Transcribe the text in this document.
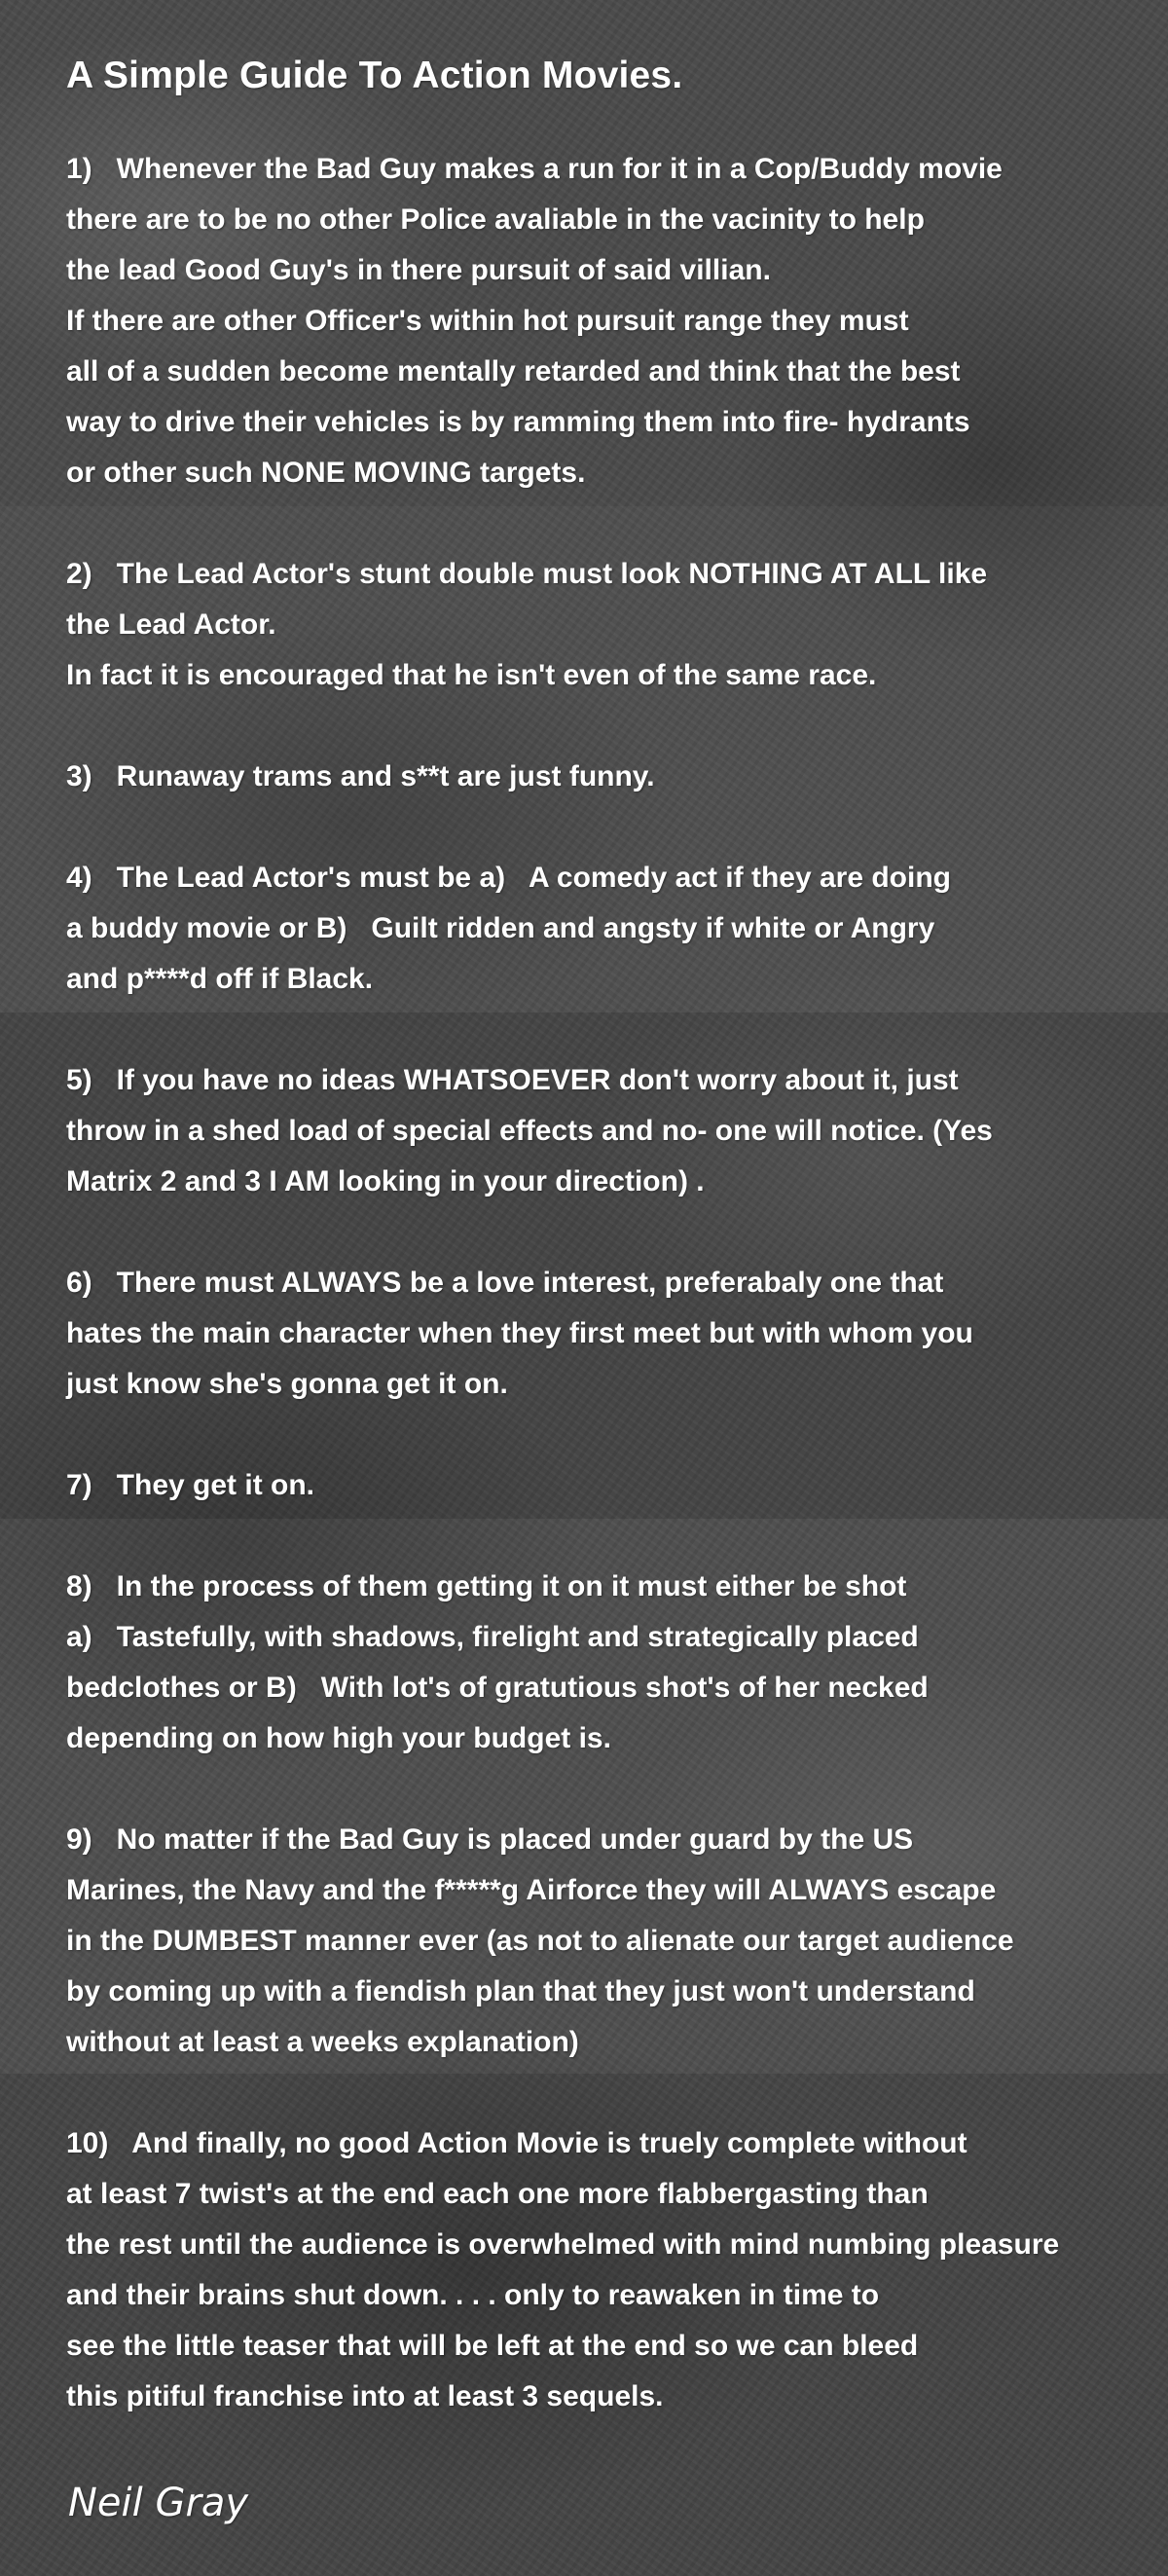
A Simple Guide To Action Movies.

1)   Whenever the Bad Guy makes a run for it in a Cop/Buddy movie
there are to be no other Police avaliable in the vacinity to help
the lead Good Guy's in there pursuit of said villian.
If there are other Officer's within hot pursuit range they must
all of a sudden become mentally retarded and think that the best
way to drive their vehicles is by ramming them into fire- hydrants
or other such NONE MOVING targets.

2)   The Lead Actor's stunt double must look NOTHING AT ALL like
the Lead Actor.
In fact it is encouraged that he isn't even of the same race.

3)   Runaway trams and s**t are just funny.

4)   The Lead Actor's must be a)   A comedy act if they are doing
a buddy movie or B)   Guilt ridden and angsty if white or Angry
and p****d off if Black.

5)   If you have no ideas WHATSOEVER don't worry about it, just
throw in a shed load of special effects and no- one will notice. (Yes
Matrix 2 and 3 I AM looking in your direction) .

6)   There must ALWAYS be a love interest, preferabaly one that
hates the main character when they first meet but with whom you
just know she's gonna get it on.

7)   They get it on.

8)   In the process of them getting it on it must either be shot
a)   Tastefully, with shadows, firelight and strategically placed
bedclothes or B)   With lot's of gratutious shot's of her necked
depending on how high your budget is.

9)   No matter if the Bad Guy is placed under guard by the US
Marines, the Navy and the f*****g Airforce they will ALWAYS escape
in the DUMBEST manner ever (as not to alienate our target audience
by coming up with a fiendish plan that they just won't understand
without at least a weeks explanation)

10)   And finally, no good Action Movie is truely complete without
at least 7 twist's at the end each one more flabbergasting than
the rest until the audience is overwhelmed with mind numbing pleasure
and their brains shut down. . . . only to reawaken in time to
see the little teaser that will be left at the end so we can bleed
this pitiful franchise into at least 3 sequels.

Neil Gray
